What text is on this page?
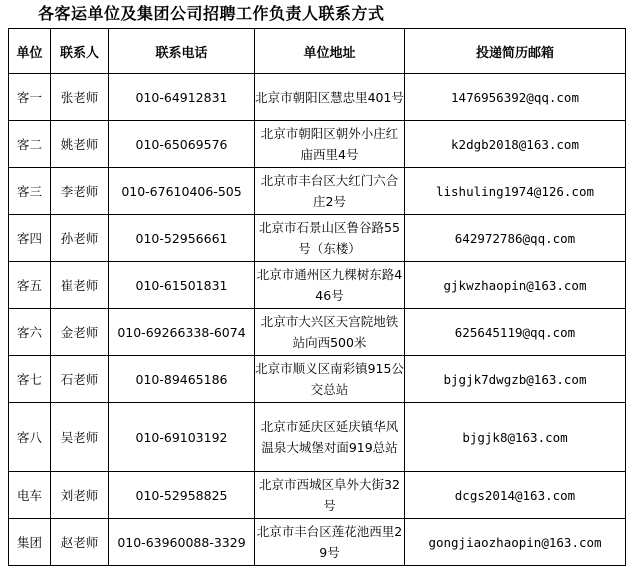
各客运单位及集团公司招聘工作负责人联系方式
单位	联系人	联系电话	单位地址	投递简历邮箱
客一	张老师	010-64912831	北京市朝阳区慧忠里401号	1476956392@qq.com
客二	姚老师	010-65069576	北京市朝阳区朝外小庄红庙西里4号	k2dgb2018@163.com
客三	李老师	010-67610406-505	北京市丰台区大红门六合庄2号	lishuling1974@126.com
客四	孙老师	010-52956661	北京市石景山区鲁谷路55号（东楼）	642972786@qq.com
客五	崔老师	010-61501831	北京市通州区九棵树东路446号	gjkwzhaopin@163.com
客六	金老师	010-69266338-6074	北京市大兴区天宫院地铁站向西500米	625645119@qq.com
客七	石老师	010-89465186	北京市顺义区南彩镇915公交总站	bjgjk7dwgzb@163.com
客八	吴老师	010-69103192	北京市延庆区延庆镇华风温泉大城堡对面919总站	bjgjk8@163.com
电车	刘老师	010-52958825	北京市西城区阜外大街32号	dcgs2014@163.com
集团	赵老师	010-63960088-3329	北京市丰台区莲花池西里29号	gongjiaozhaopin@163.com
